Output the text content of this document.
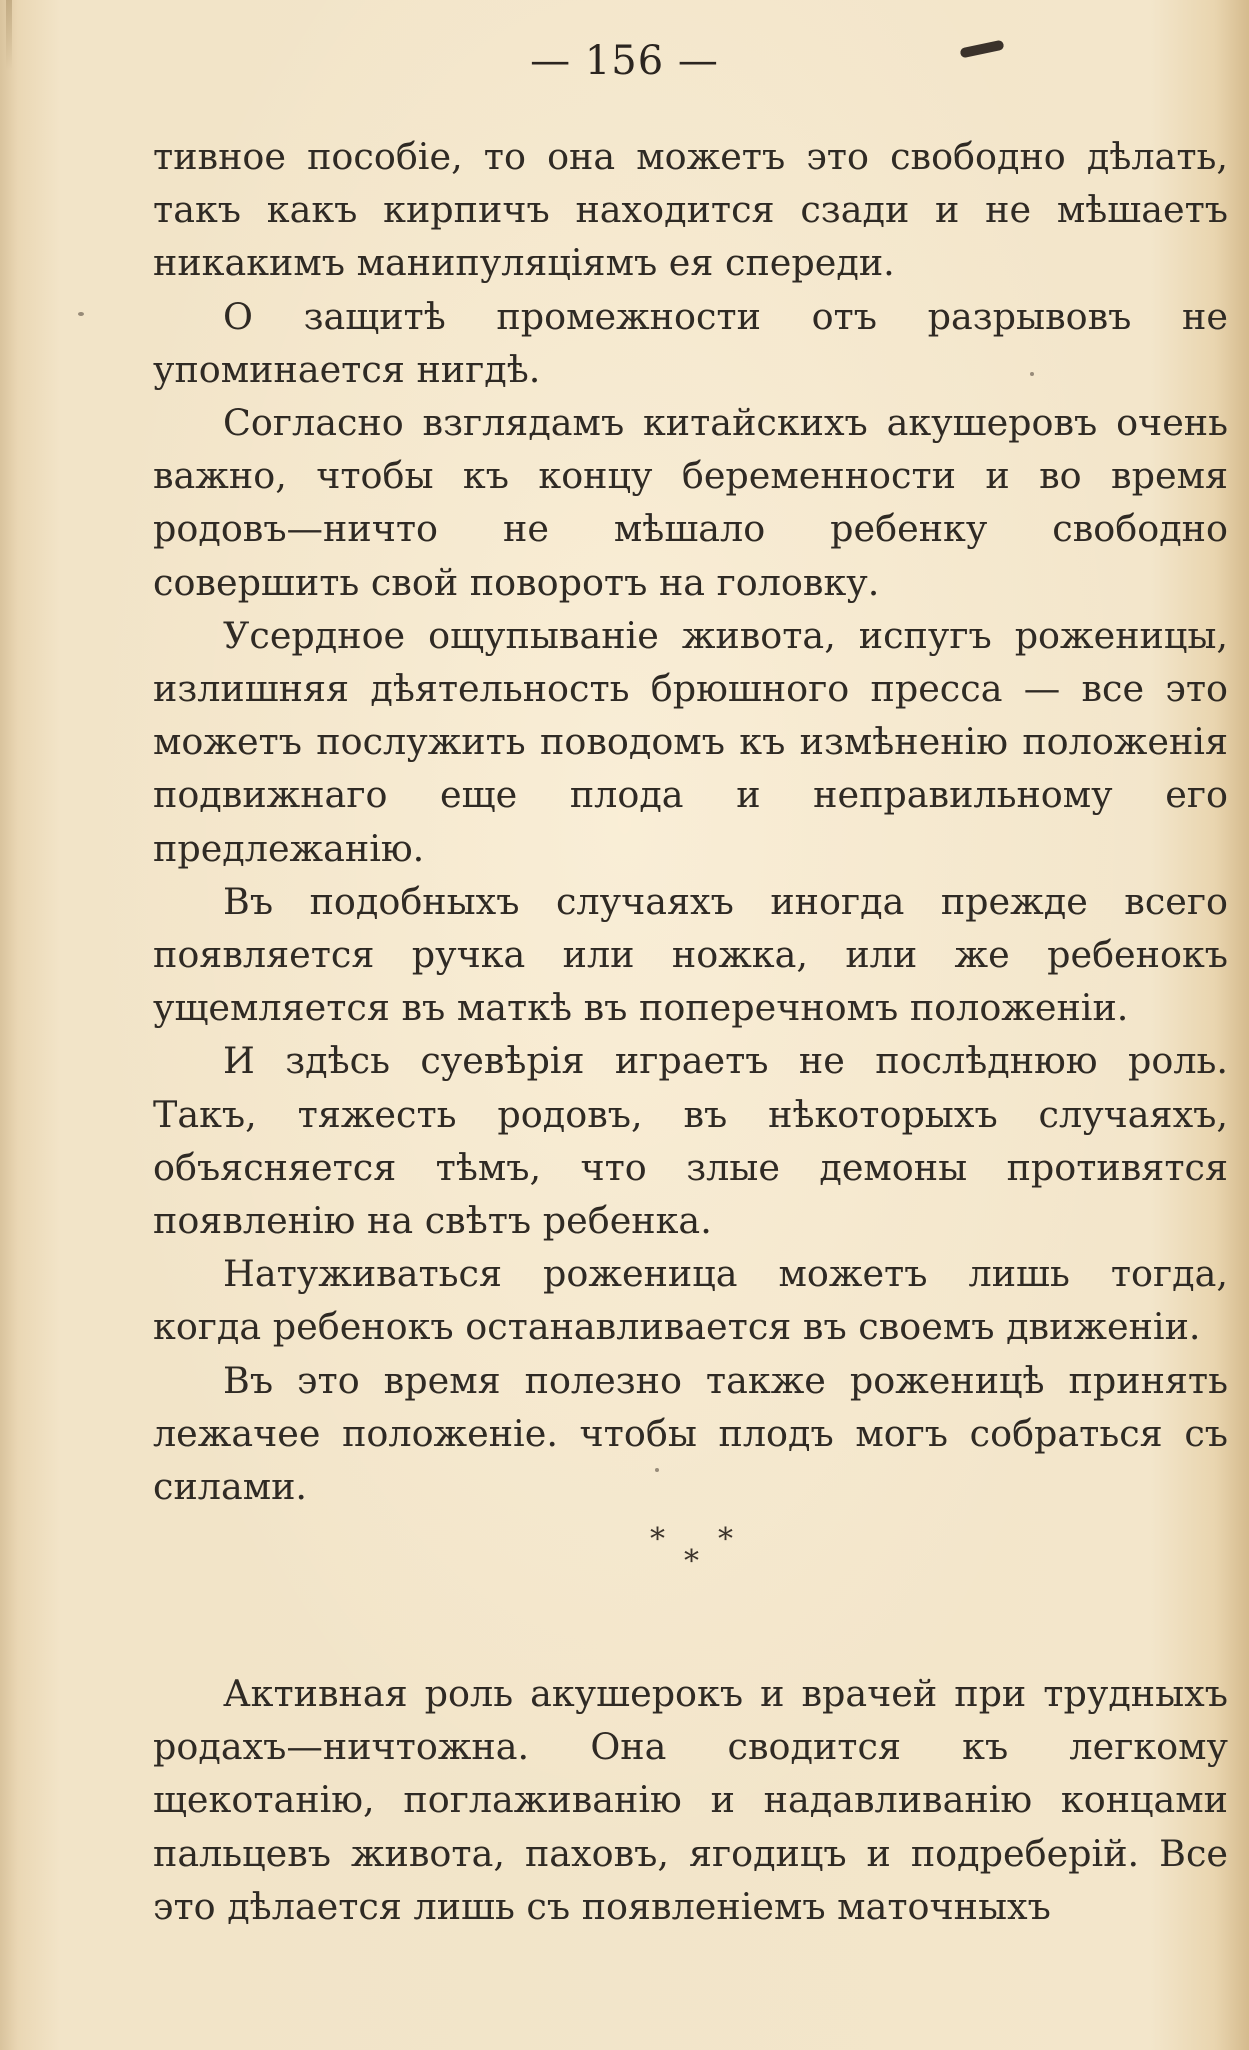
— 156 —

тивное пособіе, то она можетъ это свободно дѣлать, такъ какъ кирпичъ находится сзади и не мѣшаетъ никакимъ манипуляціямъ ея спереди.

О защитѣ промежности отъ разрывовъ не упоминается нигдѣ.

Согласно взглядамъ китайскихъ акушеровъ очень важно, чтобы къ концу беременности и во время родовъ—ничто не мѣшало ребенку свободно совершить свой поворотъ на головку.

Усердное ощупываніе живота, испугъ роженицы, излишняя дѣятельность брюшного пресса — все это можетъ послужить поводомъ къ измѣненію положенія подвижнаго еще плода и неправильному его предлежанію.

Въ подобныхъ случаяхъ иногда прежде всего появляется ручка или ножка, или же ребенокъ ущемляется въ маткѣ въ поперечномъ положеніи.

И здѣсь суевѣрія играетъ не послѣднюю роль. Такъ, тяжесть родовъ, въ нѣкоторыхъ случаяхъ, объясняется тѣмъ, что злые демоны противятся появленію на свѣтъ ребенка.

Натуживаться роженица можетъ лишь тогда, когда ребенокъ останавливается въ своемъ движеніи.

Въ это время полезно также роженицѣ принять лежачее положеніе. чтобы плодъ могъ собраться съ силами.

* *
*

Активная роль акушерокъ и врачей при трудныхъ родахъ—ничтожна. Она сводится къ легкому щекотанію, поглаживанію и надавливанію концами пальцевъ живота, паховъ, ягодицъ и подреберій. Все это дѣлается лишь съ появленіемъ маточныхъ
